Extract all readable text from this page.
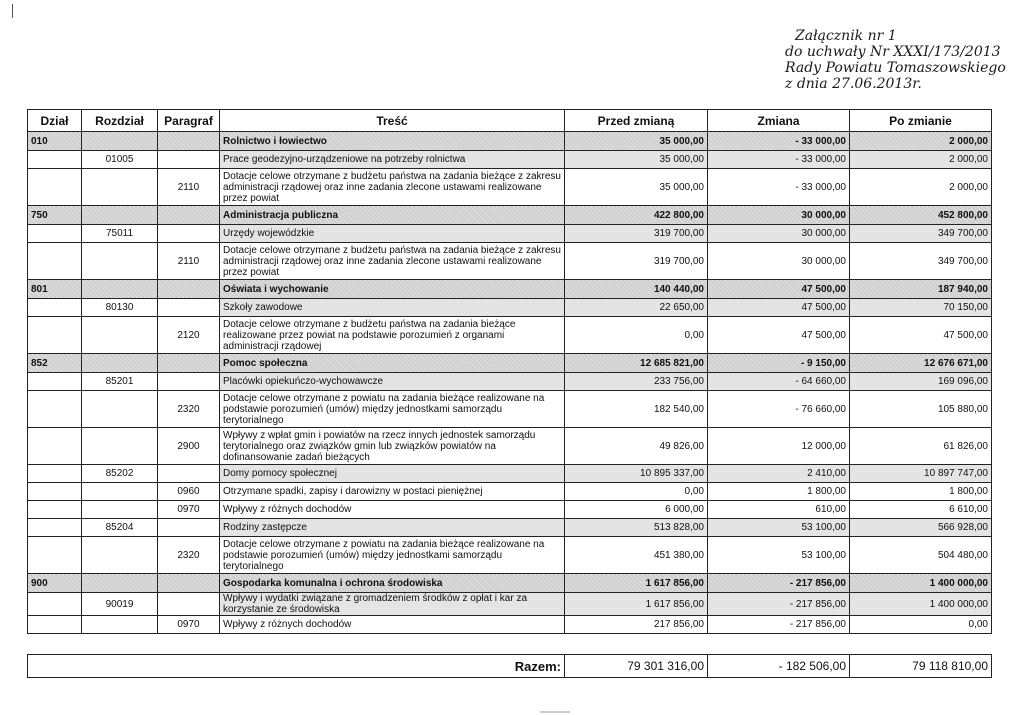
Załącznik nr 1
do uchwały Nr XXXI/173/2013
Rady Powiatu Tomaszowskiego
z dnia 27.06.2013r.
Dział	Rozdział	Paragraf	Treść	Przed zmianą	Zmiana	Po zmianie
010			Rolnictwo i łowiectwo	35 000,00	- 33 000,00	2 000,00
	01005		Prace geodezyjno-urządzeniowe na potrzeby rolnictwa	35 000,00	- 33 000,00	2 000,00
		2110	Dotacje celowe otrzymane z budżetu państwa na zadania bieżące z zakresu administracji rządowej oraz inne zadania zlecone ustawami realizowane przez powiat	35 000,00	- 33 000,00	2 000,00
750			Administracja publiczna	422 800,00	30 000,00	452 800,00
	75011		Urzędy wojewódzkie	319 700,00	30 000,00	349 700,00
		2110	Dotacje celowe otrzymane z budżetu państwa na zadania bieżące z zakresu administracji rządowej oraz inne zadania zlecone ustawami realizowane przez powiat	319 700,00	30 000,00	349 700,00
801			Oświata i wychowanie	140 440,00	47 500,00	187 940,00
	80130		Szkoły zawodowe	22 650,00	47 500,00	70 150,00
		2120	Dotacje celowe otrzymane z budżetu państwa na zadania bieżące realizowane przez powiat na podstawie porozumień z organami administracji rządowej	0,00	47 500,00	47 500,00
852			Pomoc społeczna	12 685 821,00	- 9 150,00	12 676 671,00
	85201		Placówki opiekuńczo-wychowawcze	233 756,00	- 64 660,00	169 096,00
		2320	Dotacje celowe otrzymane z powiatu na zadania bieżące realizowane na podstawie porozumień (umów) między jednostkami samorządu terytorialnego	182 540,00	- 76 660,00	105 880,00
		2900	Wpływy z wpłat gmin i powiatów na rzecz innych jednostek samorządu terytorialnego oraz związków gmin lub związków powiatów na dofinansowanie zadań bieżących	49 826,00	12 000,00	61 826,00
	85202		Domy pomocy społecznej	10 895 337,00	2 410,00	10 897 747,00
		0960	Otrzymane spadki, zapisy i darowizny w postaci pieniężnej	0,00	1 800,00	1 800,00
		0970	Wpływy z różnych dochodów	6 000,00	610,00	6 610,00
	85204		Rodziny zastępcze	513 828,00	53 100,00	566 928,00
		2320	Dotacje celowe otrzymane z powiatu na zadania bieżące realizowane na podstawie porozumień (umów) między jednostkami samorządu terytorialnego	451 380,00	53 100,00	504 480,00
900			Gospodarka komunalna i ochrona środowiska	1 617 856,00	- 217 856,00	1 400 000,00
	90019		Wpływy i wydatki związane z gromadzeniem środków z opłat i kar za korzystanie ze środowiska	1 617 856,00	- 217 856,00	1 400 000,00
		0970	Wpływy z różnych dochodów	217 856,00	- 217 856,00	0,00
Razem:	79 301 316,00	- 182 506,00	79 118 810,00
